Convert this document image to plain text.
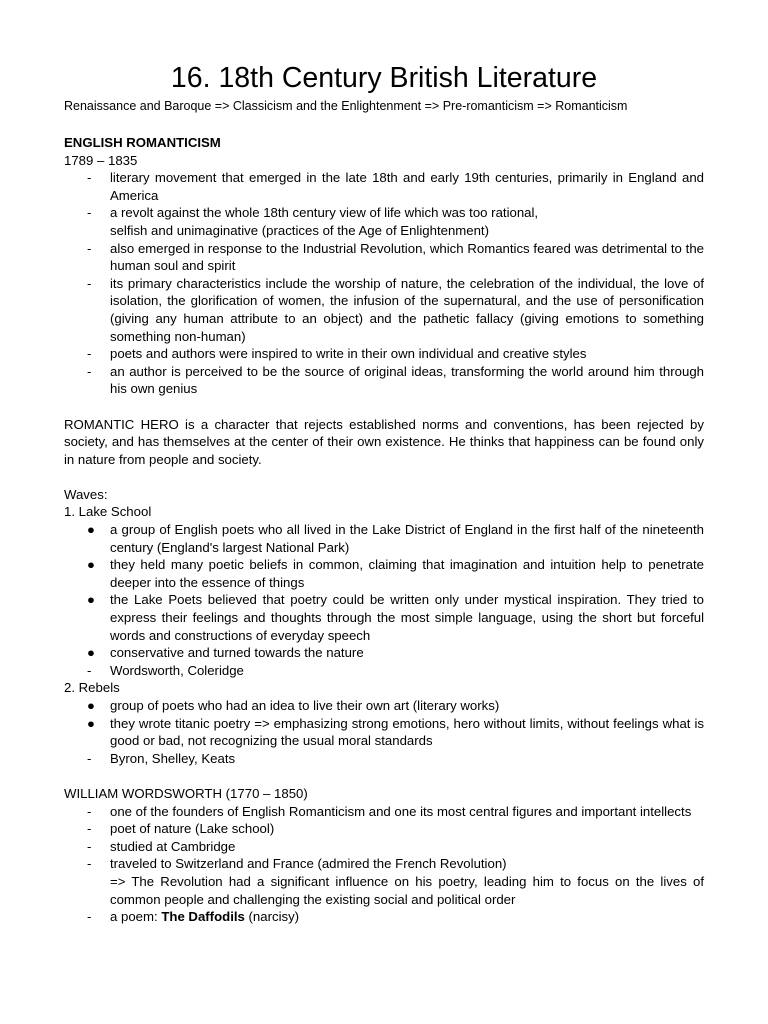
16. 18th Century British Literature
Renaissance and Baroque => Classicism and the Enlightenment => Pre-romanticism => Romanticism
ENGLISH ROMANTICISM
1789 – 1835
-	literary movement that emerged in the late 18th and early 19th centuries, primarily in England and America
-	a revolt against the whole 18th century view of life which was too rational,
selfish and unimaginative (practices of the Age of Enlightenment)
-	also emerged in response to the Industrial Revolution, which Romantics feared was detrimental to the human soul and spirit
-	its primary characteristics include the worship of nature, the celebration of the individual, the love of isolation, the glorification of women, the infusion of the supernatural, and the use of personification (giving any human attribute to an object) and the pathetic fallacy (giving emotions to something something non-human)
-	poets and authors were inspired to write in their own individual and creative styles
-	an author is perceived to be the source of original ideas, transforming the world around him through his own genius
ROMANTIC HERO is a character that rejects established norms and conventions, has been rejected by society, and has themselves at the center of their own existence. He thinks that happiness can be found only in nature from people and society.
Waves:
1. Lake School
●	a group of English poets who all lived in the Lake District of England in the first half of the nineteenth century (England's largest National Park)
●	they held many poetic beliefs in common, claiming that imagination and intuition help to penetrate deeper into the essence of things
●	the Lake Poets believed that poetry could be written only under mystical inspiration. They tried to express their feelings and thoughts through the most simple language, using the short but forceful words and constructions of everyday speech
●	conservative and turned towards the nature
-	Wordsworth, Coleridge
2. Rebels
●	group of poets who had an idea to live their own art (literary works)
●	they wrote titanic poetry => emphasizing strong emotions, hero without limits, without feelings what is good or bad, not recognizing the usual moral standards
-	Byron, Shelley, Keats
WILLIAM WORDSWORTH (1770 – 1850)
-	one of the founders of English Romanticism and one its most central figures and important intellects
-	poet of nature (Lake school)
-	studied at Cambridge
-	traveled to Switzerland and France (admired the French Revolution)
=> The Revolution had a significant influence on his poetry, leading him to focus on the lives of common people and challenging the existing social and political order
-	a poem: The Daffodils (narcisy)
